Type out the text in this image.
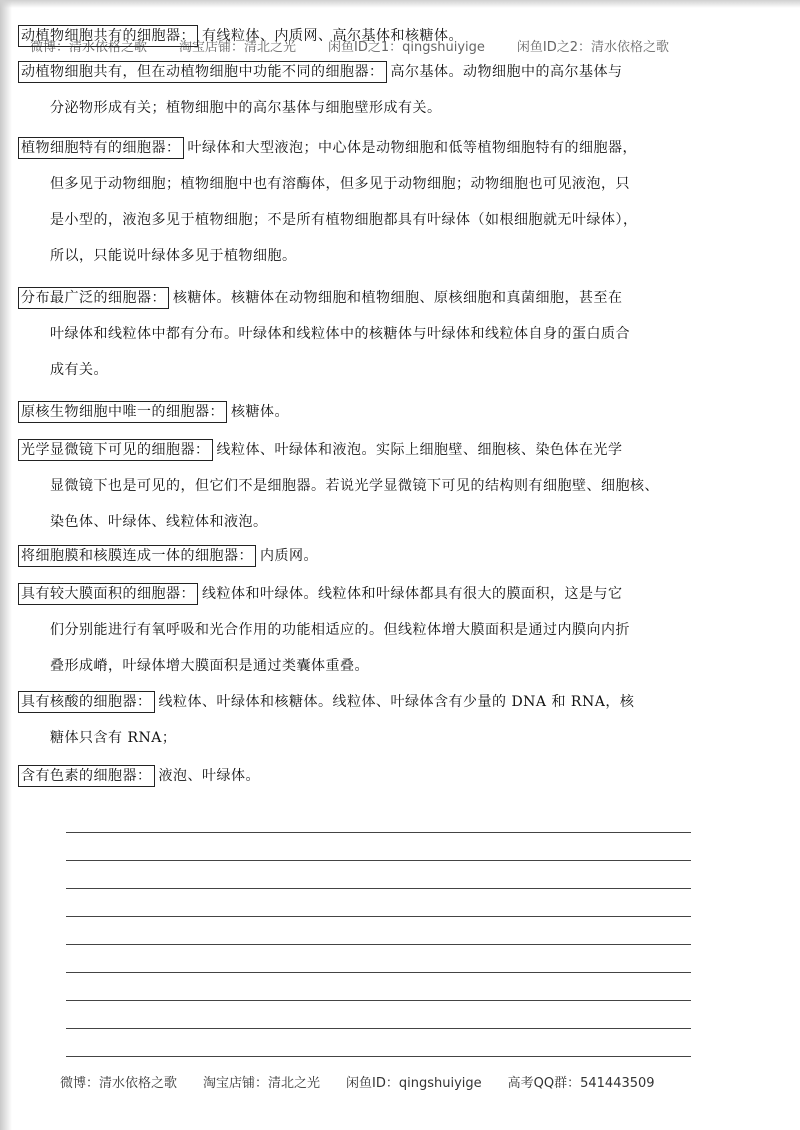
微博：清水依格之歌 淘宝店铺：清北之光 闲鱼ID之1：qingshuiyige 闲鱼ID之2：清水依格之歌
动植物细胞共有的细胞器： 有线粒体、内质网、高尔基体和核糖体。
动植物细胞共有，但在动植物细胞中功能不同的细胞器： 高尔基体。动物细胞中的高尔基体与
分泌物形成有关；植物细胞中的高尔基体与细胞壁形成有关。
植物细胞特有的细胞器： 叶绿体和大型液泡；中心体是动物细胞和低等植物细胞特有的细胞器，
但多见于动物细胞；植物细胞中也有溶酶体，但多见于动物细胞；动物细胞也可见液泡，只
是小型的，液泡多见于植物细胞；不是所有植物细胞都具有叶绿体（如根细胞就无叶绿体），
所以，只能说叶绿体多见于植物细胞。
分布最广泛的细胞器： 核糖体。核糖体在动物细胞和植物细胞、原核细胞和真菌细胞，甚至在
叶绿体和线粒体中都有分布。叶绿体和线粒体中的核糖体与叶绿体和线粒体自身的蛋白质合
成有关。
原核生物细胞中唯一的细胞器： 核糖体。
光学显微镜下可见的细胞器： 线粒体、叶绿体和液泡。实际上细胞壁、细胞核、染色体在光学
显微镜下也是可见的，但它们不是细胞器。若说光学显微镜下可见的结构则有细胞壁、细胞核、
染色体、叶绿体、线粒体和液泡。
将细胞膜和核膜连成一体的细胞器： 内质网。
具有较大膜面积的细胞器： 线粒体和叶绿体。线粒体和叶绿体都具有很大的膜面积，这是与它
们分别能进行有氧呼吸和光合作用的功能相适应的。但线粒体增大膜面积是通过内膜向内折
叠形成嵴，叶绿体增大膜面积是通过类囊体重叠。
具有核酸的细胞器： 线粒体、叶绿体和核糖体。线粒体、叶绿体含有少量的 DNA 和 RNA，核
糖体只含有 RNA；
含有色素的细胞器： 液泡、叶绿体。
微博：清水依格之歌 淘宝店铺：清北之光 闲鱼ID：qingshuiyige 高考QQ群：541443509
